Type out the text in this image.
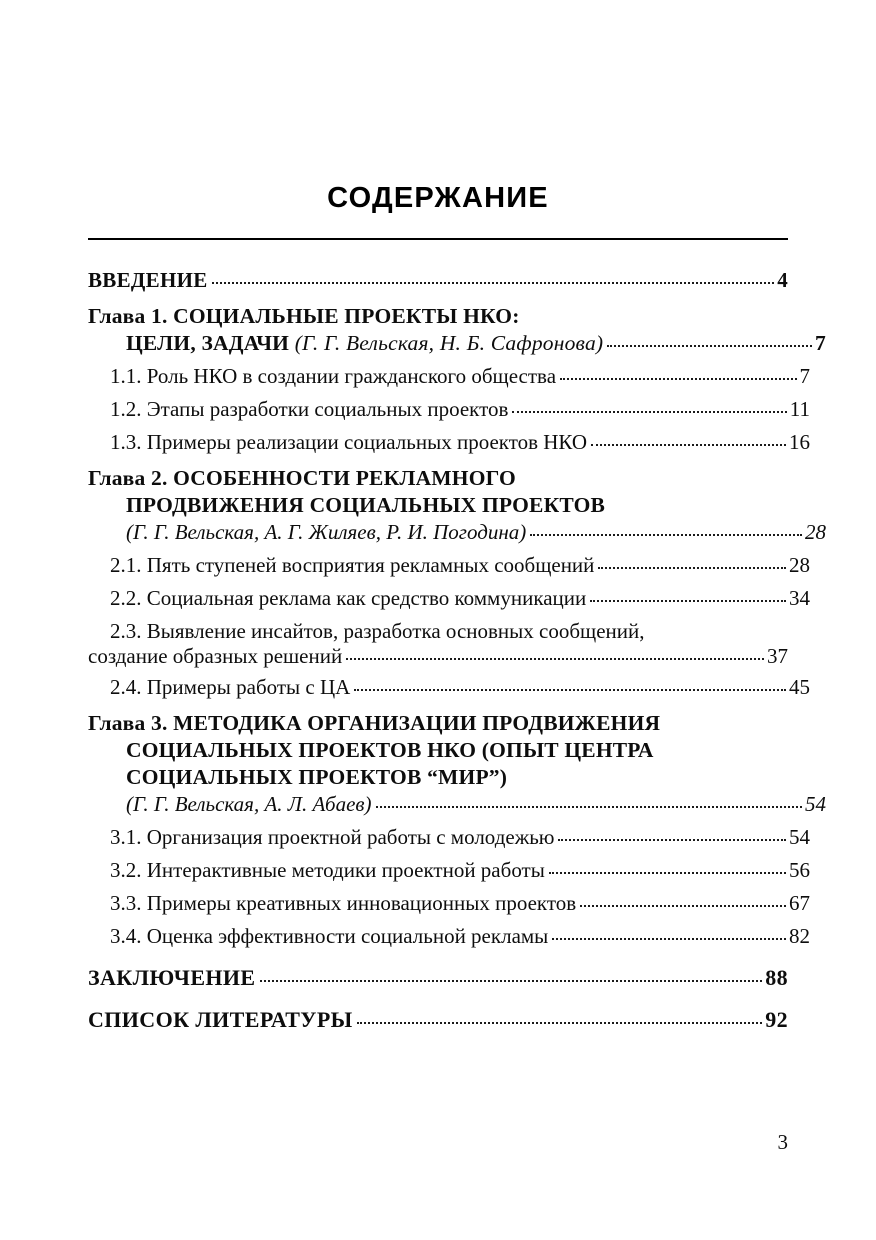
СОДЕРЖАНИЕ
ВВЕДЕНИЕ	4
Глава 1. СОЦИАЛЬНЫЕ ПРОЕКТЫ НКО:
ЦЕЛИ, ЗАДАЧИ (Г. Г. Вельская, Н. Б. Сафронова)	7
1.1. Роль НКО в создании гражданского общества	7
1.2. Этапы разработки социальных проектов	11
1.3. Примеры реализации социальных проектов НКО	16
Глава 2. ОСОБЕННОСТИ РЕКЛАМНОГО
ПРОДВИЖЕНИЯ СОЦИАЛЬНЫХ ПРОЕКТОВ
(Г. Г. Вельская, А. Г. Жиляев, Р. И. Погодина)	28
2.1. Пять ступеней восприятия рекламных сообщений	28
2.2. Социальная реклама как средство коммуникации	34
2.3. Выявление инсайтов, разработка основных сообщений,
создание образных решений	37
2.4. Примеры работы с ЦА	45
Глава 3. МЕТОДИКА ОРГАНИЗАЦИИ ПРОДВИЖЕНИЯ
СОЦИАЛЬНЫХ ПРОЕКТОВ НКО (ОПЫТ ЦЕНТРА
СОЦИАЛЬНЫХ ПРОЕКТОВ “МИР”)
(Г. Г. Вельская, А. Л. Абаев)	54
3.1. Организация проектной работы с молодежью	54
3.2. Интерактивные методики проектной работы	56
3.3. Примеры креативных инновационных проектов	67
3.4. Оценка эффективности социальной рекламы	82
ЗАКЛЮЧЕНИЕ	88
СПИСОК ЛИТЕРАТУРЫ	92
3
